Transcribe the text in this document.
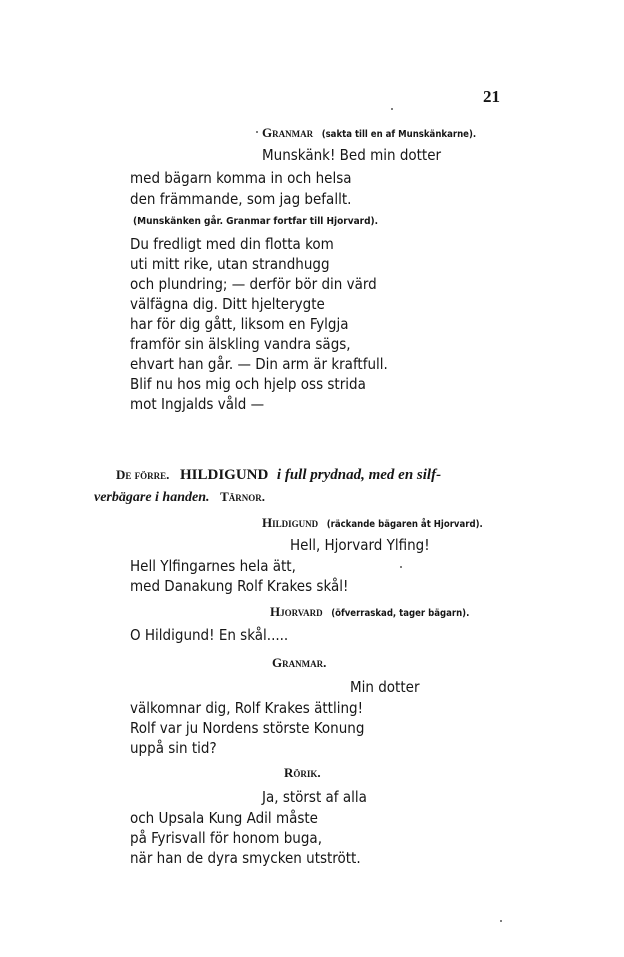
21
Granmar (sakta till en af Munskänkarne).
Munskänk! Bed min dotter
med bägarn komma in och helsa
den främmande, som jag befallt.
(Munskänken går. Granmar fortfar till Hjorvard).
Du fredligt med din flotta kom
uti mitt rike, utan strandhugg
och plundring; — derför bör din värd
välfägna dig. Ditt hjelterygte
har för dig gått, liksom en Fylgja
framför sin älskling vandra sägs,
ehvart han går. — Din arm är kraftfull.
Blif nu hos mig och hjelp oss strida
mot Ingjalds våld —
De förre. HILDIGUND i full prydnad, med en silf-
verbägare i handen. Tärnor.
Hildigund (räckande bägaren åt Hjorvard).
Hell, Hjorvard Ylfing!
Hell Ylfingarnes hela ätt,
med Danakung Rolf Krakes skål!
Hjorvard (öfverraskad, tager bägarn).
O Hildigund! En skål.....
Granmar.
Min dotter
välkomnar dig, Rolf Krakes ättling!
Rolf var ju Nordens störste Konung
uppå sin tid?
Rörik.
Ja, störst af alla
och Upsala Kung Adil måste
på Fyrisvall för honom buga,
när han de dyra smycken utstrött.
